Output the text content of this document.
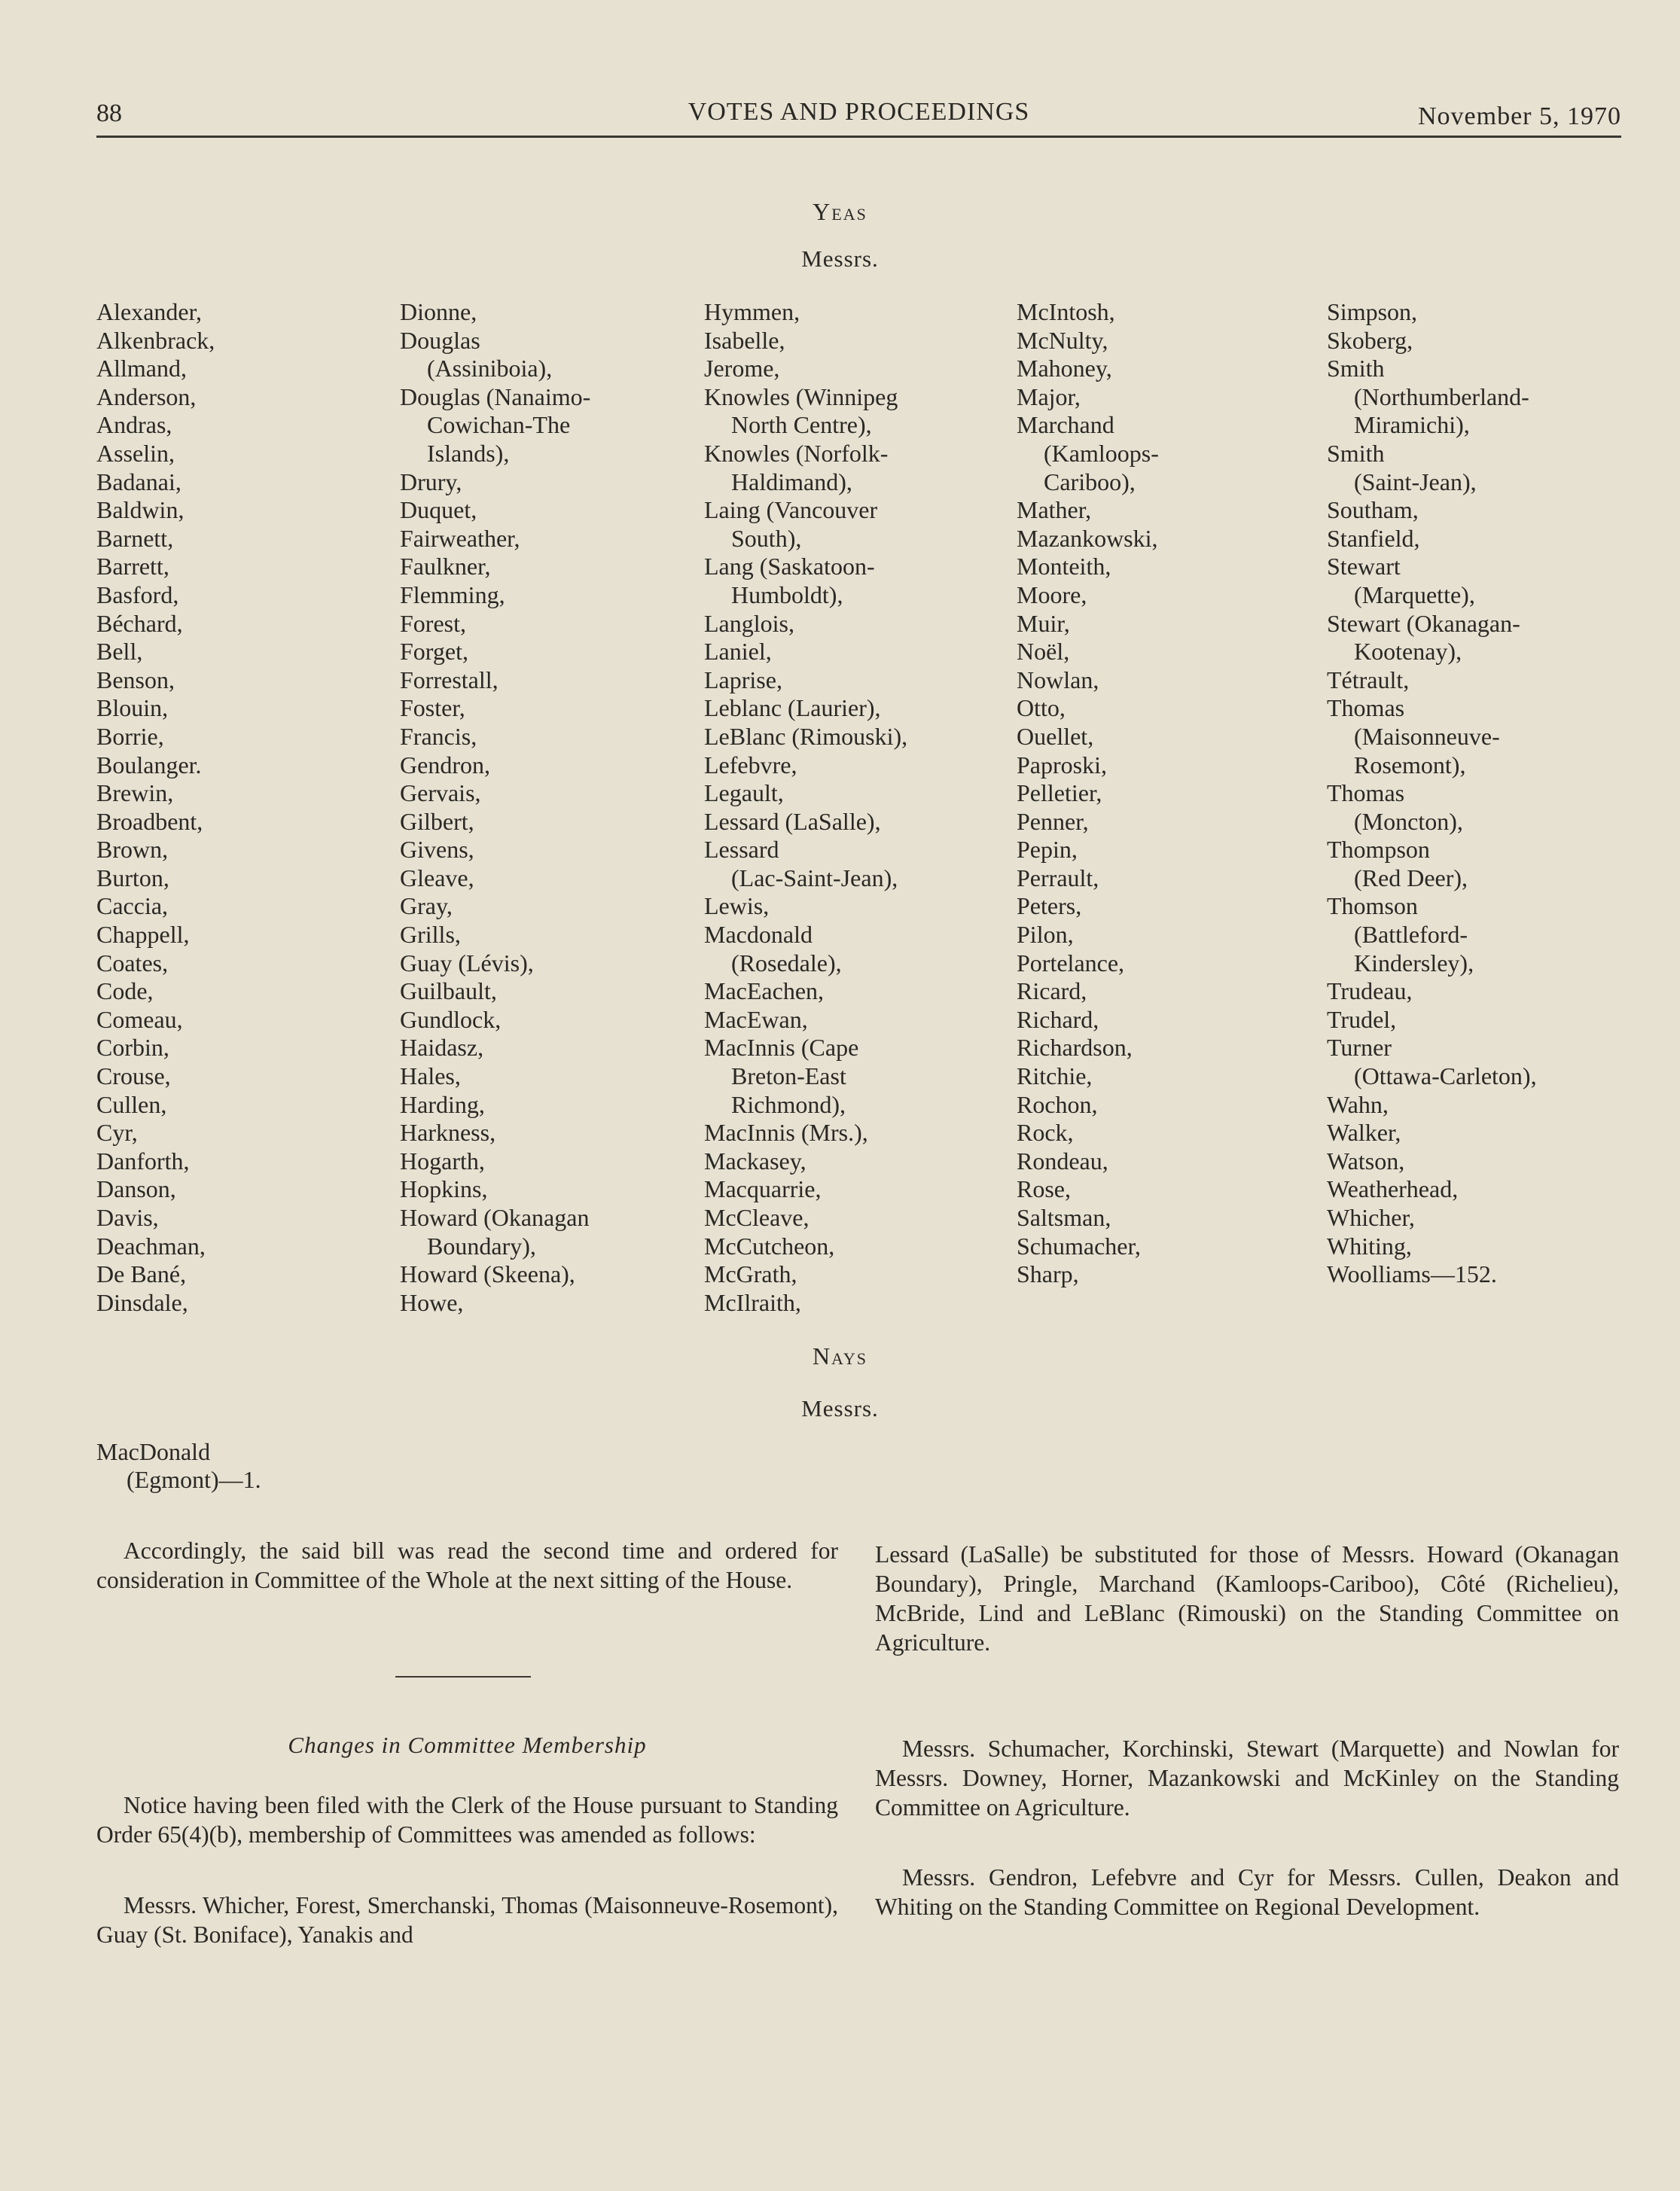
88	VOTES AND PROCEEDINGS	November 5, 1970
Yeas
Messrs.
Alexander,
Alkenbrack,
Allmand,
Anderson,
Andras,
Asselin,
Badanai,
Baldwin,
Barnett,
Barrett,
Basford,
Béchard,
Bell,
Benson,
Blouin,
Borrie,
Boulanger.
Brewin,
Broadbent,
Brown,
Burton,
Caccia,
Chappell,
Coates,
Code,
Comeau,
Corbin,
Crouse,
Cullen,
Cyr,
Danforth,
Danson,
Davis,
Deachman,
De Bané,
Dinsdale,
Dionne,
Douglas
(Assiniboia),
Douglas (Nanaimo-
Cowichan-The
Islands),
Drury,
Duquet,
Fairweather,
Faulkner,
Flemming,
Forest,
Forget,
Forrestall,
Foster,
Francis,
Gendron,
Gervais,
Gilbert,
Givens,
Gleave,
Gray,
Grills,
Guay (Lévis),
Guilbault,
Gundlock,
Haidasz,
Hales,
Harding,
Harkness,
Hogarth,
Hopkins,
Howard (Okanagan
Boundary),
Howard (Skeena),
Howe,
Hymmen,
Isabelle,
Jerome,
Knowles (Winnipeg
North Centre),
Knowles (Norfolk-
Haldimand),
Laing (Vancouver
South),
Lang (Saskatoon-
Humboldt),
Langlois,
Laniel,
Laprise,
Leblanc (Laurier),
LeBlanc (Rimouski),
Lefebvre,
Legault,
Lessard (LaSalle),
Lessard
(Lac-Saint-Jean),
Lewis,
Macdonald
(Rosedale),
MacEachen,
MacEwan,
MacInnis (Cape
Breton-East
Richmond),
MacInnis (Mrs.),
Mackasey,
Macquarrie,
McCleave,
McCutcheon,
McGrath,
McIlraith,
McIntosh,
McNulty,
Mahoney,
Major,
Marchand
(Kamloops-
Cariboo),
Mather,
Mazankowski,
Monteith,
Moore,
Muir,
Noël,
Nowlan,
Otto,
Ouellet,
Paproski,
Pelletier,
Penner,
Pepin,
Perrault,
Peters,
Pilon,
Portelance,
Ricard,
Richard,
Richardson,
Ritchie,
Rochon,
Rock,
Rondeau,
Rose,
Saltsman,
Schumacher,
Sharp,
Simpson,
Skoberg,
Smith
(Northumberland-
Miramichi),
Smith
(Saint-Jean),
Southam,
Stanfield,
Stewart
(Marquette),
Stewart (Okanagan-
Kootenay),
Tétrault,
Thomas
(Maisonneuve-
Rosemont),
Thomas
(Moncton),
Thompson
(Red Deer),
Thomson
(Battleford-
Kindersley),
Trudeau,
Trudel,
Turner
(Ottawa-Carleton),
Wahn,
Walker,
Watson,
Weatherhead,
Whicher,
Whiting,
Woolliams—152.
Nays
Messrs.
MacDonald
(Egmont)—1.
Accordingly, the said bill was read the second time and ordered for consideration in Committee of the Whole at the next sitting of the House.
Changes in Committee Membership
Notice having been filed with the Clerk of the House pursuant to Standing Order 65(4)(b), membership of Committees was amended as follows:
Messrs. Whicher, Forest, Smerchanski, Thomas (Maisonneuve-Rosemont), Guay (St. Boniface), Yanakis and
Lessard (LaSalle) be substituted for those of Messrs. Howard (Okanagan Boundary), Pringle, Marchand (Kamloops-Cariboo), Côté (Richelieu), McBride, Lind and LeBlanc (Rimouski) on the Standing Committee on Agriculture.
Messrs. Schumacher, Korchinski, Stewart (Marquette) and Nowlan for Messrs. Downey, Horner, Mazankowski and McKinley on the Standing Committee on Agriculture.
Messrs. Gendron, Lefebvre and Cyr for Messrs. Cullen, Deakon and Whiting on the Standing Committee on Regional Development.
